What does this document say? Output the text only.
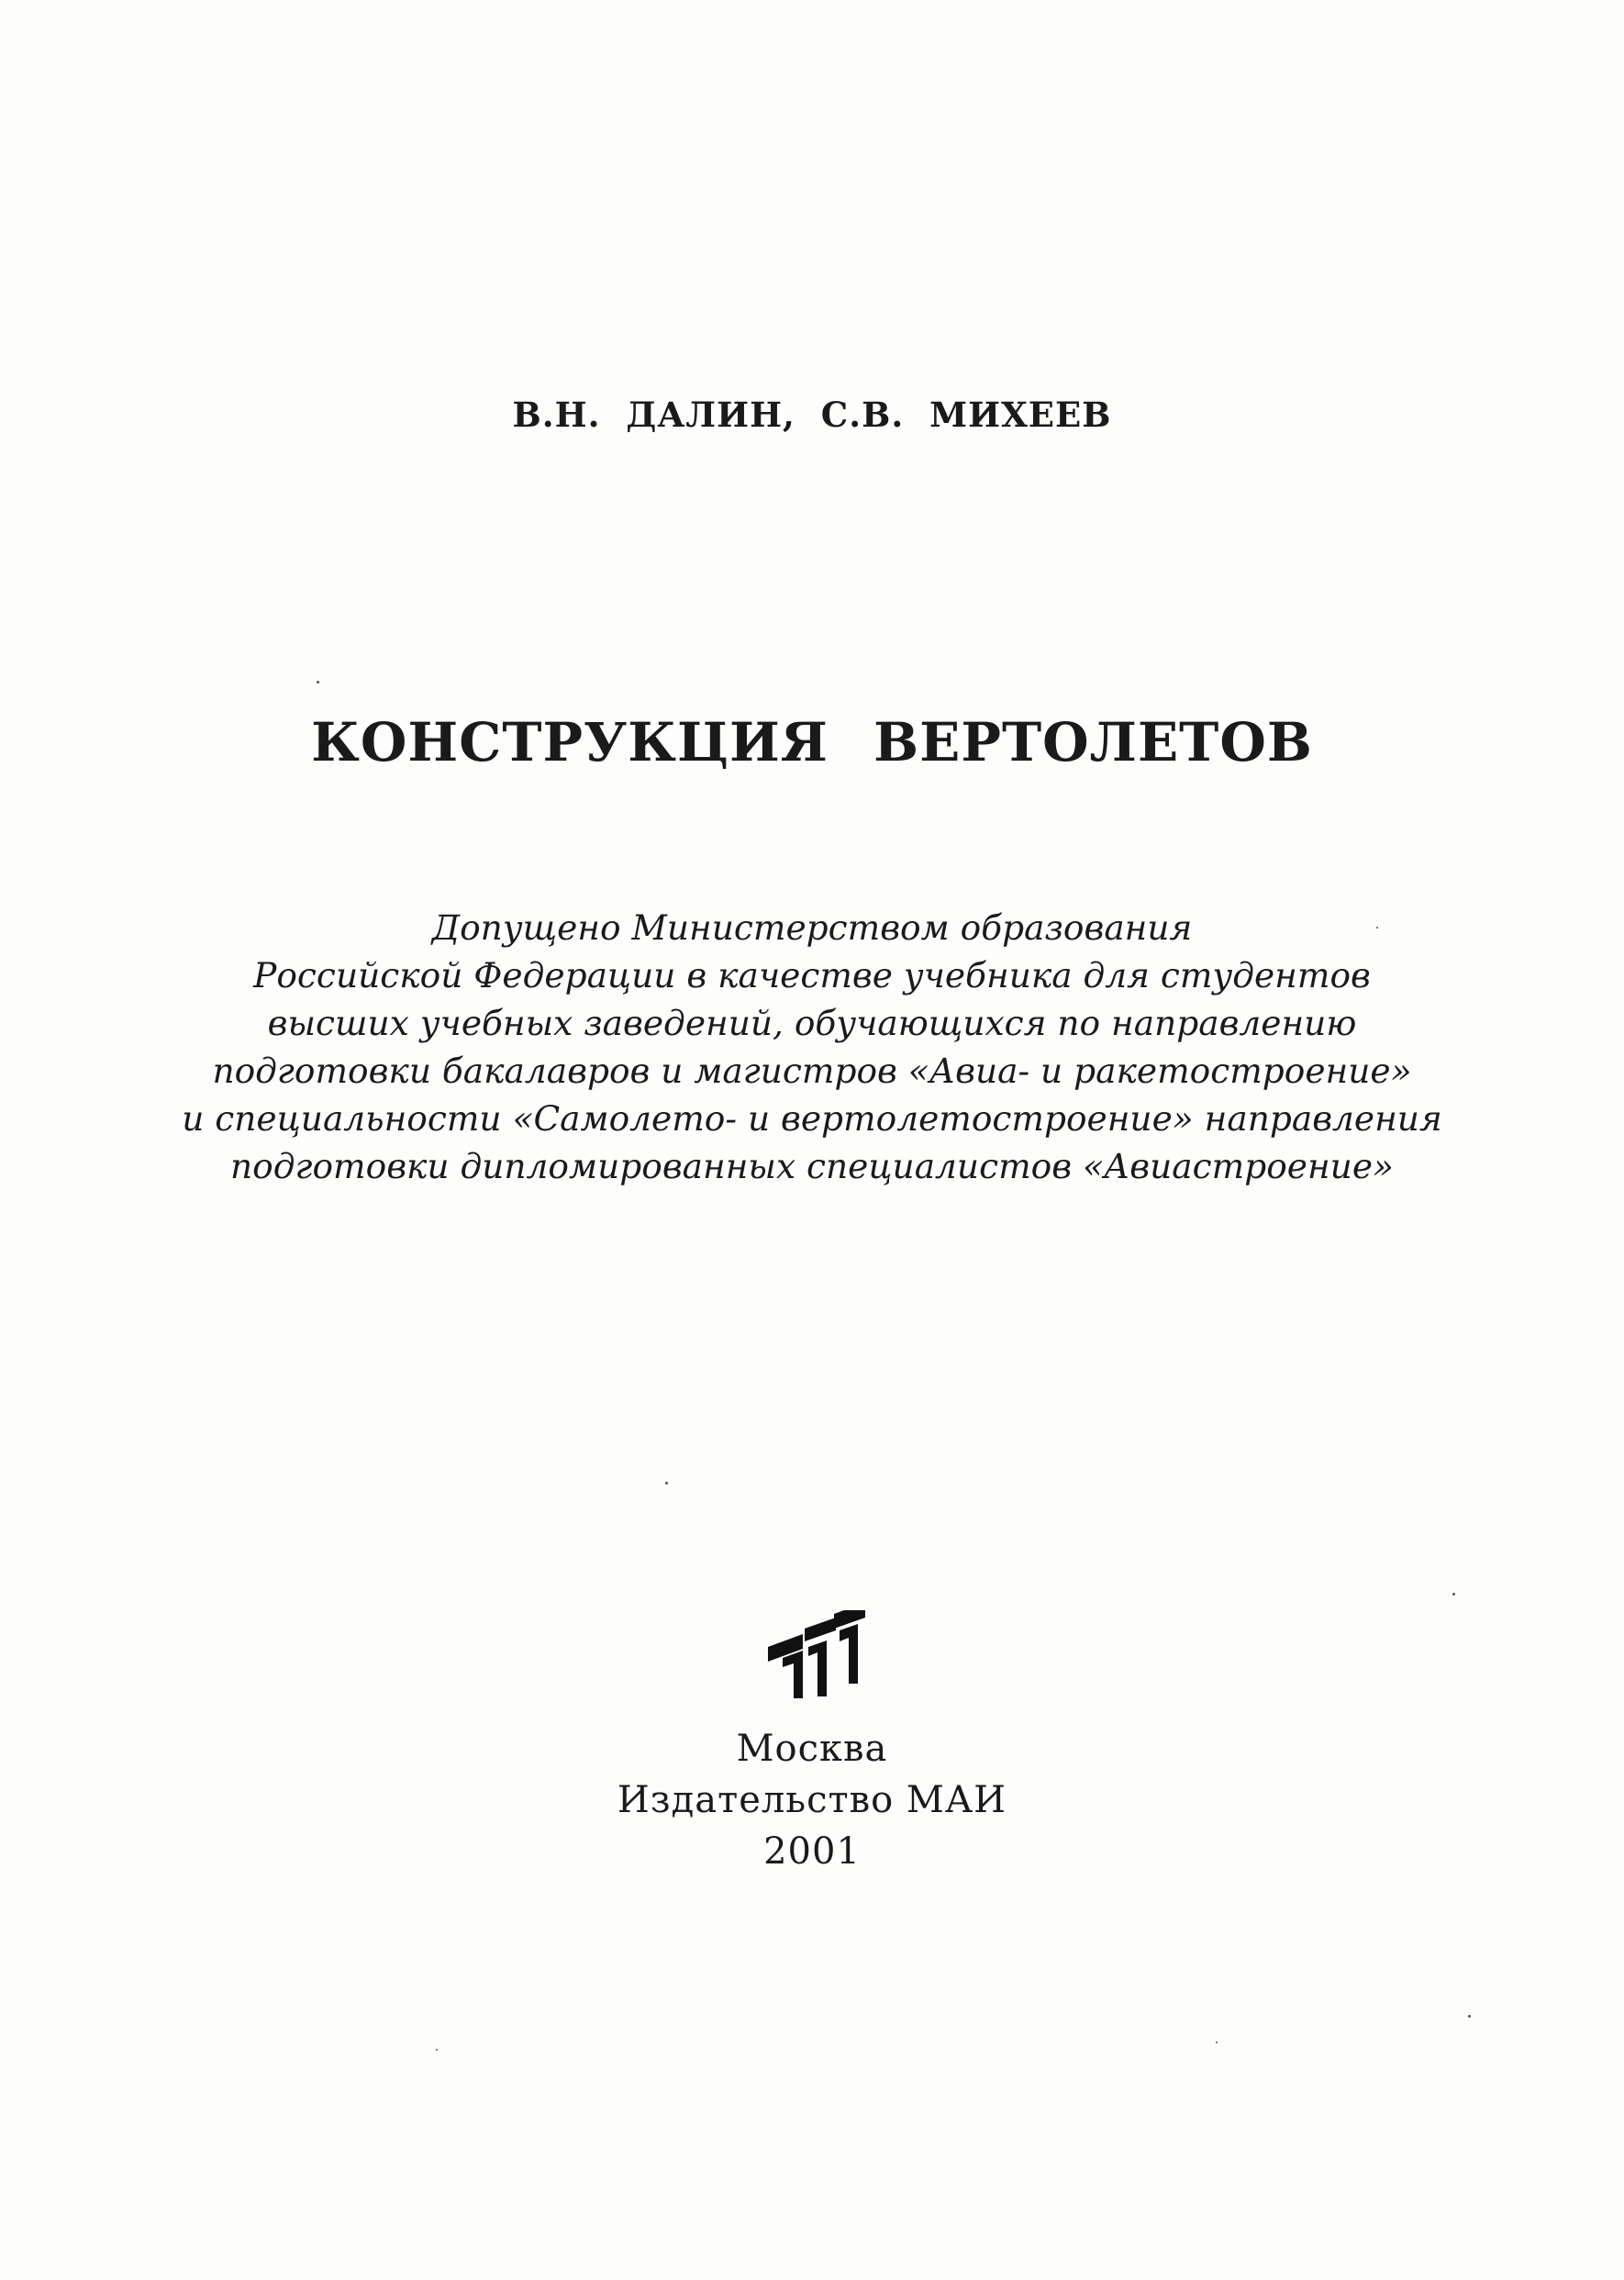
В.Н. ДАЛИН, С.В. МИХЕЕВ
КОНСТРУКЦИЯ ВЕРТОЛЕТОВ
Допущено Министерством образования
Российской Федерации в качестве учебника для студентов
высших учебных заведений, обучающихся по направлению
подготовки бакалавров и магистров «Авиа- и ракетостроение»
и специальности «Самолето- и вертолетостроение» направления
подготовки дипломированных специалистов «Авиастроение»
Москва
Издательство МАИ
2001
